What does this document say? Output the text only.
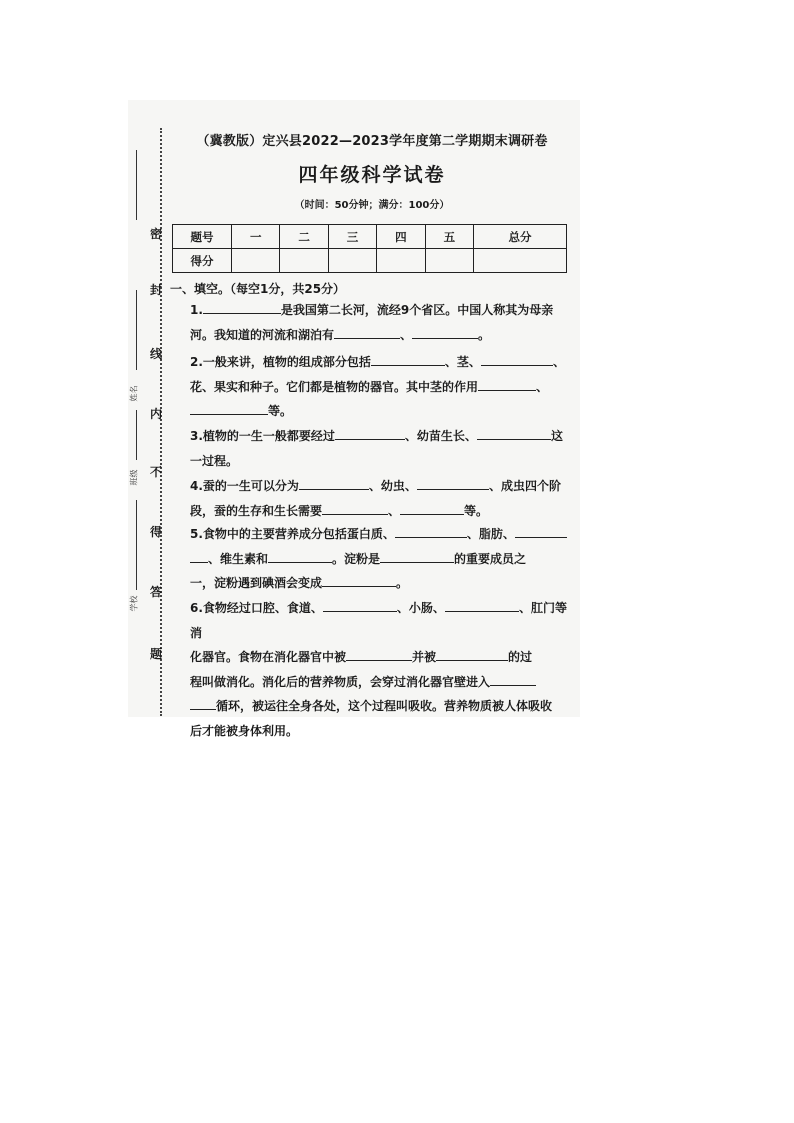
密
封
线
内
不
得
答
题
姓名
班级
学校
（冀教版）定兴县2022—2023学年度第二学期期末调研卷
四年级科学试卷
（时间：50分钟；满分：100分）
题号	一	二	三	四	五	总分
得分						
一、填空。（每空1分，共25分）
1.	是我国第二长河，流经9个省区。中国人称其为母亲
河。我知道的河流和湖泊有	、	。
2.一般来讲，植物的组成部分包括	、茎、	、
花、果实和种子。它们都是植物的器官。其中茎的作用	、
等。
3.植物的一生一般都要经过	、幼苗生长、	这
一过程。
4.蚕的一生可以分为	、幼虫、	、成虫四个阶
段，蚕的生存和生长需要	、	等。
5.食物中的主要营养成分包括蛋白质、	、脂肪、
、维生素和	。淀粉是	的重要成员之
一，淀粉遇到碘酒会变成	。
6.食物经过口腔、食道、	、小肠、	、肛门等消
化器官。食物在消化器官中被	并被	的过
程叫做消化。消化后的营养物质，会穿过消化器官壁进入
循环，被运往全身各处，这个过程叫吸收。营养物质被人体吸收
后才能被身体利用。
